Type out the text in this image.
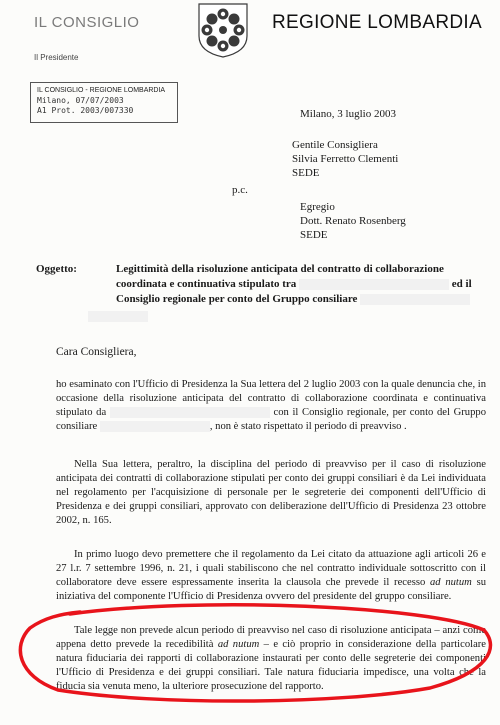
IL CONSIGLIO
Il Presidente
REGIONE LOMBARDIA
IL CONSIGLIO - REGIONE LOMBARDIA
Milano, 07/07/2003
A1 Prot. 2003/007330	Milano, 3 luglio 2003
Gentile Consigliera
Silvia Ferretto Clementi
SEDE
p.c.
Egregio
Dott. Renato Rosenberg
SEDE
Oggetto:	Legittimità della risoluzione anticipata del contratto di collaborazione
coordinata e continuativa stipulato tra	ed il
Consiglio regionale per conto del Gruppo consiliare
Cara Consigliera,

ho esaminato con l'Ufficio di Presidenza la Sua lettera del 2 luglio 2003 con la quale denuncia che, in occasione della risoluzione anticipata del contratto di collaborazione coordinata e continuativa stipulato da	con il Consiglio regionale, per conto del Gruppo consiliare	, non è stato rispettato il periodo di preavviso .

Nella Sua lettera, peraltro, la disciplina del periodo di preavviso per il caso di risoluzione anticipata dei contratti di collaborazione stipulati per conto dei gruppi consiliari è da Lei individuata nel regolamento per l'acquisizione di personale per le segreterie dei componenti dell'Ufficio di Presidenza e dei gruppi consiliari, approvato con deliberazione dell'Ufficio di Presidenza 23 ottobre 2002, n. 165.
In primo luogo devo premettere che il regolamento da Lei citato da attuazione agli articoli 26 e 27 l.r. 7 settembre 1996, n. 21, i quali stabiliscono che nel contratto individuale sottoscritto con il collaboratore deve essere espressamente inserita la clausola che prevede il recesso ad nutum su iniziativa del componente l'Ufficio di Presidenza ovvero del presidente del gruppo consiliare.
Tale legge non prevede alcun periodo di preavviso nel caso di risoluzione anticipata – anzi come appena detto prevede la recedibilità ad nutum – e ciò proprio in considerazione della particolare natura fiduciaria dei rapporti di collaborazione instaurati per conto delle segreterie dei componenti l'Ufficio di Presidenza e dei gruppi consiliari. Tale natura fiduciaria impedisce, una volta che la fiducia sia venuta meno, la ulteriore prosecuzione del rapporto.
